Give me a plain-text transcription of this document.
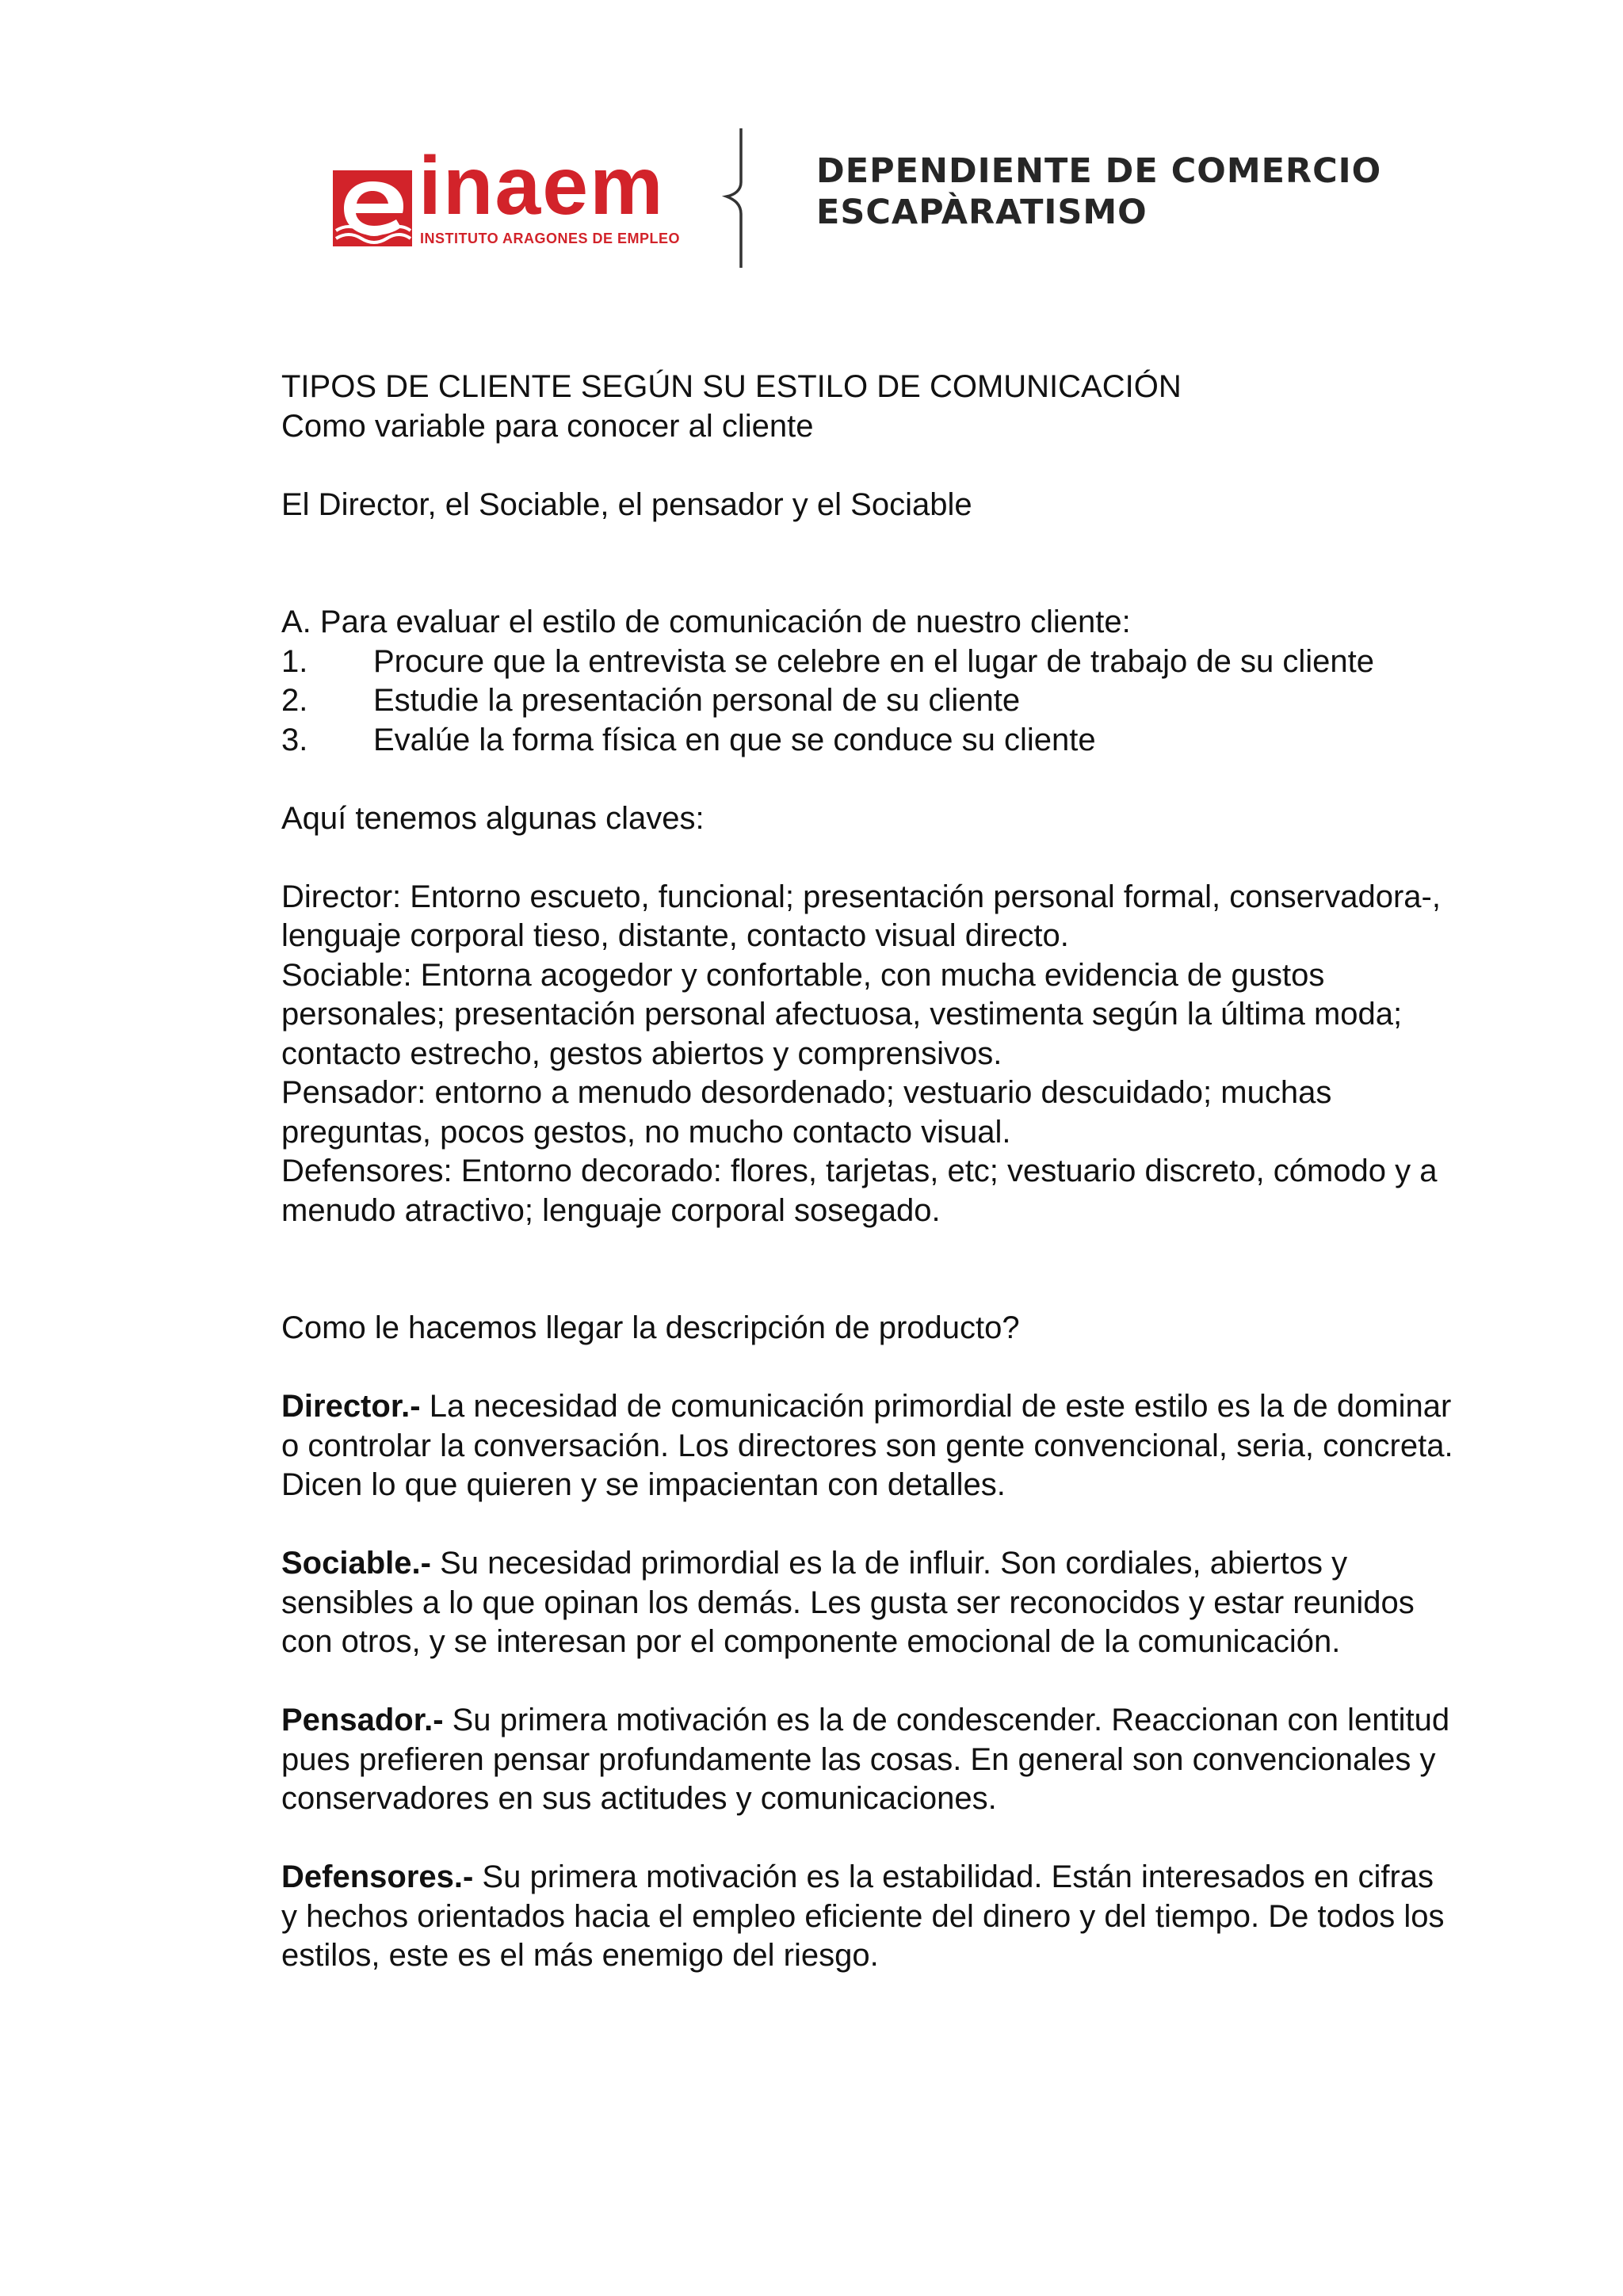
inaem
INSTITUTO ARAGONES DE EMPLEO
DEPENDIENTE DE COMERCIO
ESCAPÀRATISMO

TIPOS DE CLIENTE SEGÚN SU ESTILO DE COMUNICACIÓN

Como variable para conocer al cliente

El Director, el Sociable, el pensador y el Sociable

A. Para evaluar el estilo de comunicación de nuestro cliente:

1.	Procure que la entrevista se celebre en el lugar de trabajo de su cliente
2.	Estudie la presentación personal de su cliente
3.	Evalúe la forma física en que se conduce su cliente

Aquí tenemos algunas claves:

Director: Entorno escueto, funcional; presentación personal formal, conservadora-, lenguaje corporal tieso, distante, contacto visual directo.

Sociable: Entorna acogedor y confortable, con mucha evidencia de gustos personales; presentación personal afectuosa, vestimenta según la última moda; contacto estrecho, gestos abiertos y comprensivos.

Pensador: entorno a menudo desordenado; vestuario descuidado; muchas preguntas, pocos gestos, no mucho contacto visual.

Defensores: Entorno decorado: flores, tarjetas, etc; vestuario discreto, cómodo y a menudo atractivo; lenguaje corporal sosegado.

Como le hacemos llegar la descripción de producto?

Director.- La necesidad de comunicación primordial de este estilo es la de dominar o controlar la conversación. Los directores son gente convencional, seria, concreta. Dicen lo que quieren y se impacientan con detalles.

Sociable.- Su necesidad primordial es la de influir. Son cordiales, abiertos y sensibles a lo que opinan los demás. Les gusta ser reconocidos y estar reunidos con otros, y se interesan por el componente emocional de la comunicación.

Pensador.- Su primera motivación es la de condescender. Reaccionan con lentitud pues prefieren pensar profundamente las cosas. En general son convencionales y conservadores en sus actitudes y comunicaciones.

Defensores.- Su primera motivación es la estabilidad. Están interesados en cifras y hechos orientados hacia el empleo eficiente del dinero y del tiempo. De todos los estilos, este es el más enemigo del riesgo.
